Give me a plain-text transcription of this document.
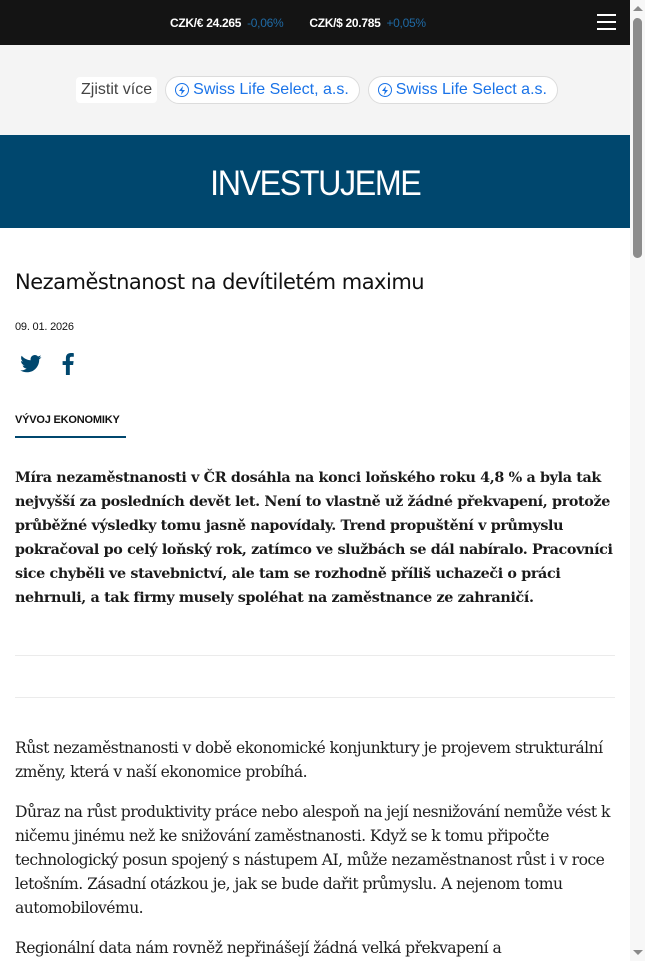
CZK/€ 24.265 -0,06% CZK/$ 20.785 +0,05%
Zjistit více	Swiss Life Select, a.s.	Swiss Life Select a.s.
INVESTUJEME
Nezaměstnanost na devítiletém maximu
09. 01. 2026
VÝVOJ EKONOMIKY

Míra nezaměstnanosti v ČR dosáhla na konci loňského roku 4,8 % a byla tak nejvyšší za posledních devět let. Není to vlastně už žádné překvapení, protože průběžné výsledky tomu jasně napovídaly. Trend propuštění v průmyslu pokračoval po celý loňský rok, zatímco ve službách se dál nabíralo. Pracovníci sice chyběli ve stavebnictví, ale tam se rozhodně příliš uchazeči o práci nehrnuli, a tak firmy musely spoléhat na zaměstnance ze zahraničí.

Růst nezaměstnanosti v době ekonomické konjunktury je projevem strukturální změny, která v naší ekonomice probíhá.

Důraz na růst produktivity práce nebo alespoň na její nesnižování nemůže vést k ničemu jinému než ke snižování zaměstnanosti. Když se k tomu připočte technologický posun spojený s nástupem AI, může nezaměstnanost růst i v roce letošním. Zásadní otázkou je, jak se bude dařit průmyslu. A nejenom tomu automobilovému.

Regionální data nám rovněž nepřinášejí žádná velká překvapení a
